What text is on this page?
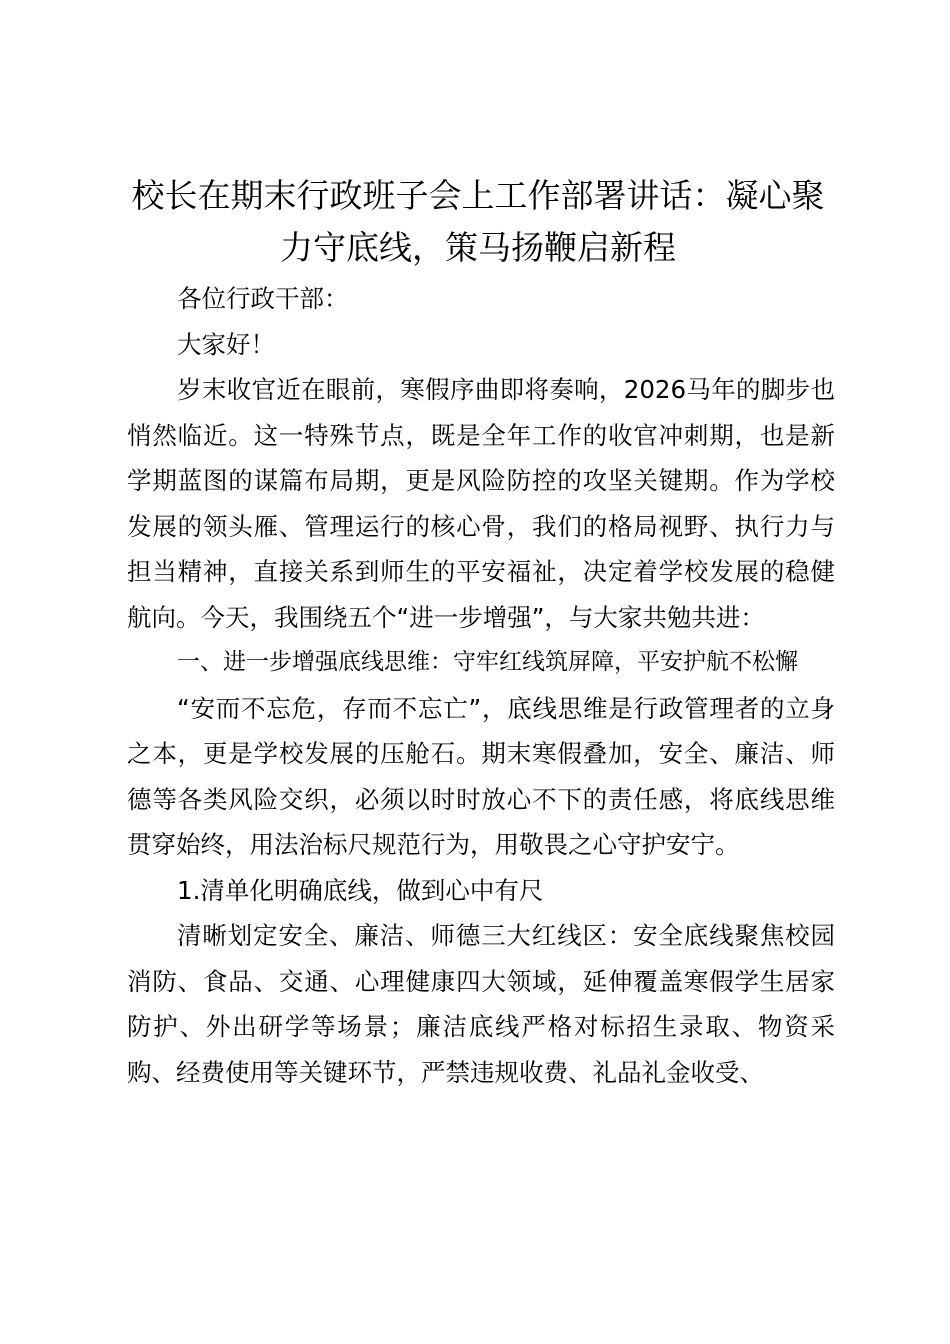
校长在期末行政班子会上工作部署讲话：凝心聚力守底线，策马扬鞭启新程

各位行政干部：

大家好！

岁末收官近在眼前，寒假序曲即将奏响，2026马年的脚步也悄然临近。这一特殊节点，既是全年工作的收官冲刺期，也是新学期蓝图的谋篇布局期，更是风险防控的攻坚关键期。作为学校发展的领头雁、管理运行的核心骨，我们的格局视野、执行力与担当精神，直接关系到师生的平安福祉，决定着学校发展的稳健航向。今天，我围绕五个“进一步增强”，与大家共勉共进：

一、进一步增强底线思维：守牢红线筑屏障，平安护航不松懈

“安而不忘危，存而不忘亡”，底线思维是行政管理者的立身之本，更是学校发展的压舱石。期末寒假叠加，安全、廉洁、师德等各类风险交织，必须以时时放心不下的责任感，将底线思维贯穿始终，用法治标尺规范行为，用敬畏之心守护安宁。

1.清单化明确底线，做到心中有尺

清晰划定安全、廉洁、师德三大红线区：安全底线聚焦校园消防、食品、交通、心理健康四大领域，延伸覆盖寒假学生居家防护、外出研学等场景；廉洁底线严格对标招生录取、物资采购、经费使用等关键环节，严禁违规收费、礼品礼金收受、
